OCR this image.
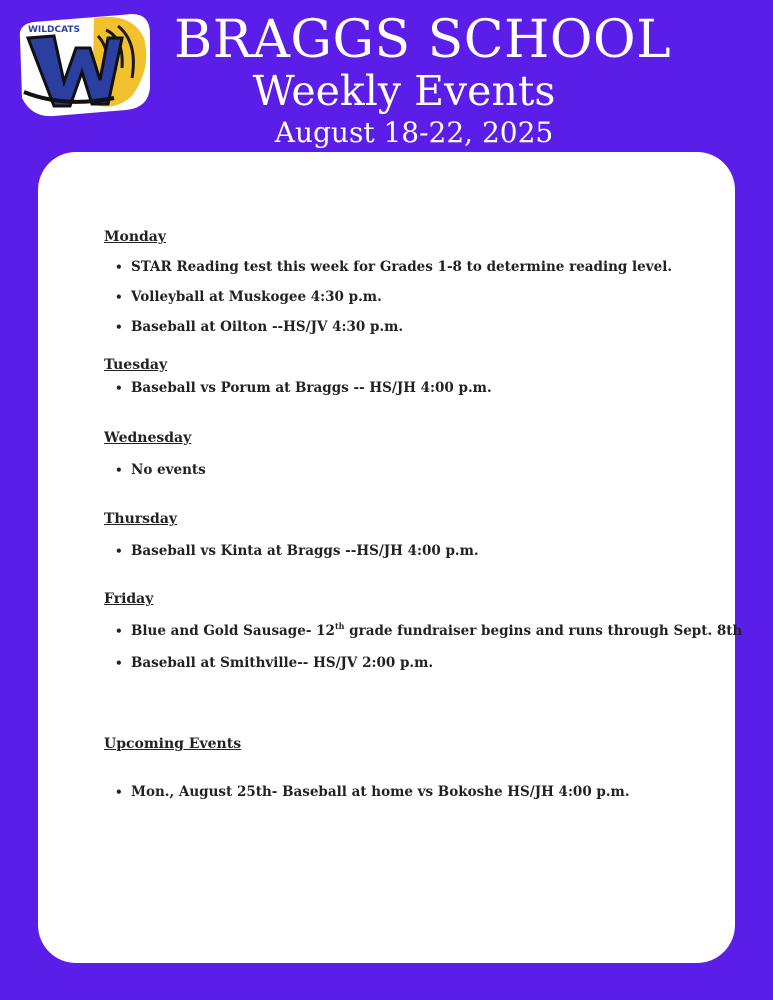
WILDCATS BRAGGS SCHOOL
Weekly Events
August 18-22, 2025
Monday
• STAR Reading test this week for Grades 1-8 to determine reading level.
• Volleyball at Muskogee 4:30 p.m.
• Baseball at Oilton --HS/JV 4:30 p.m.
Tuesday
• Baseball vs Porum at Braggs -- HS/JH 4:00 p.m.
Wednesday
• No events
Thursday
• Baseball vs Kinta at Braggs --HS/JH 4:00 p.m.
Friday
• Blue and Gold Sausage- 12th grade fundraiser begins and runs through Sept. 8th
• Baseball at Smithville-- HS/JV 2:00 p.m.
Upcoming Events
• Mon., August 25th- Baseball at home vs Bokoshe HS/JH 4:00 p.m.
